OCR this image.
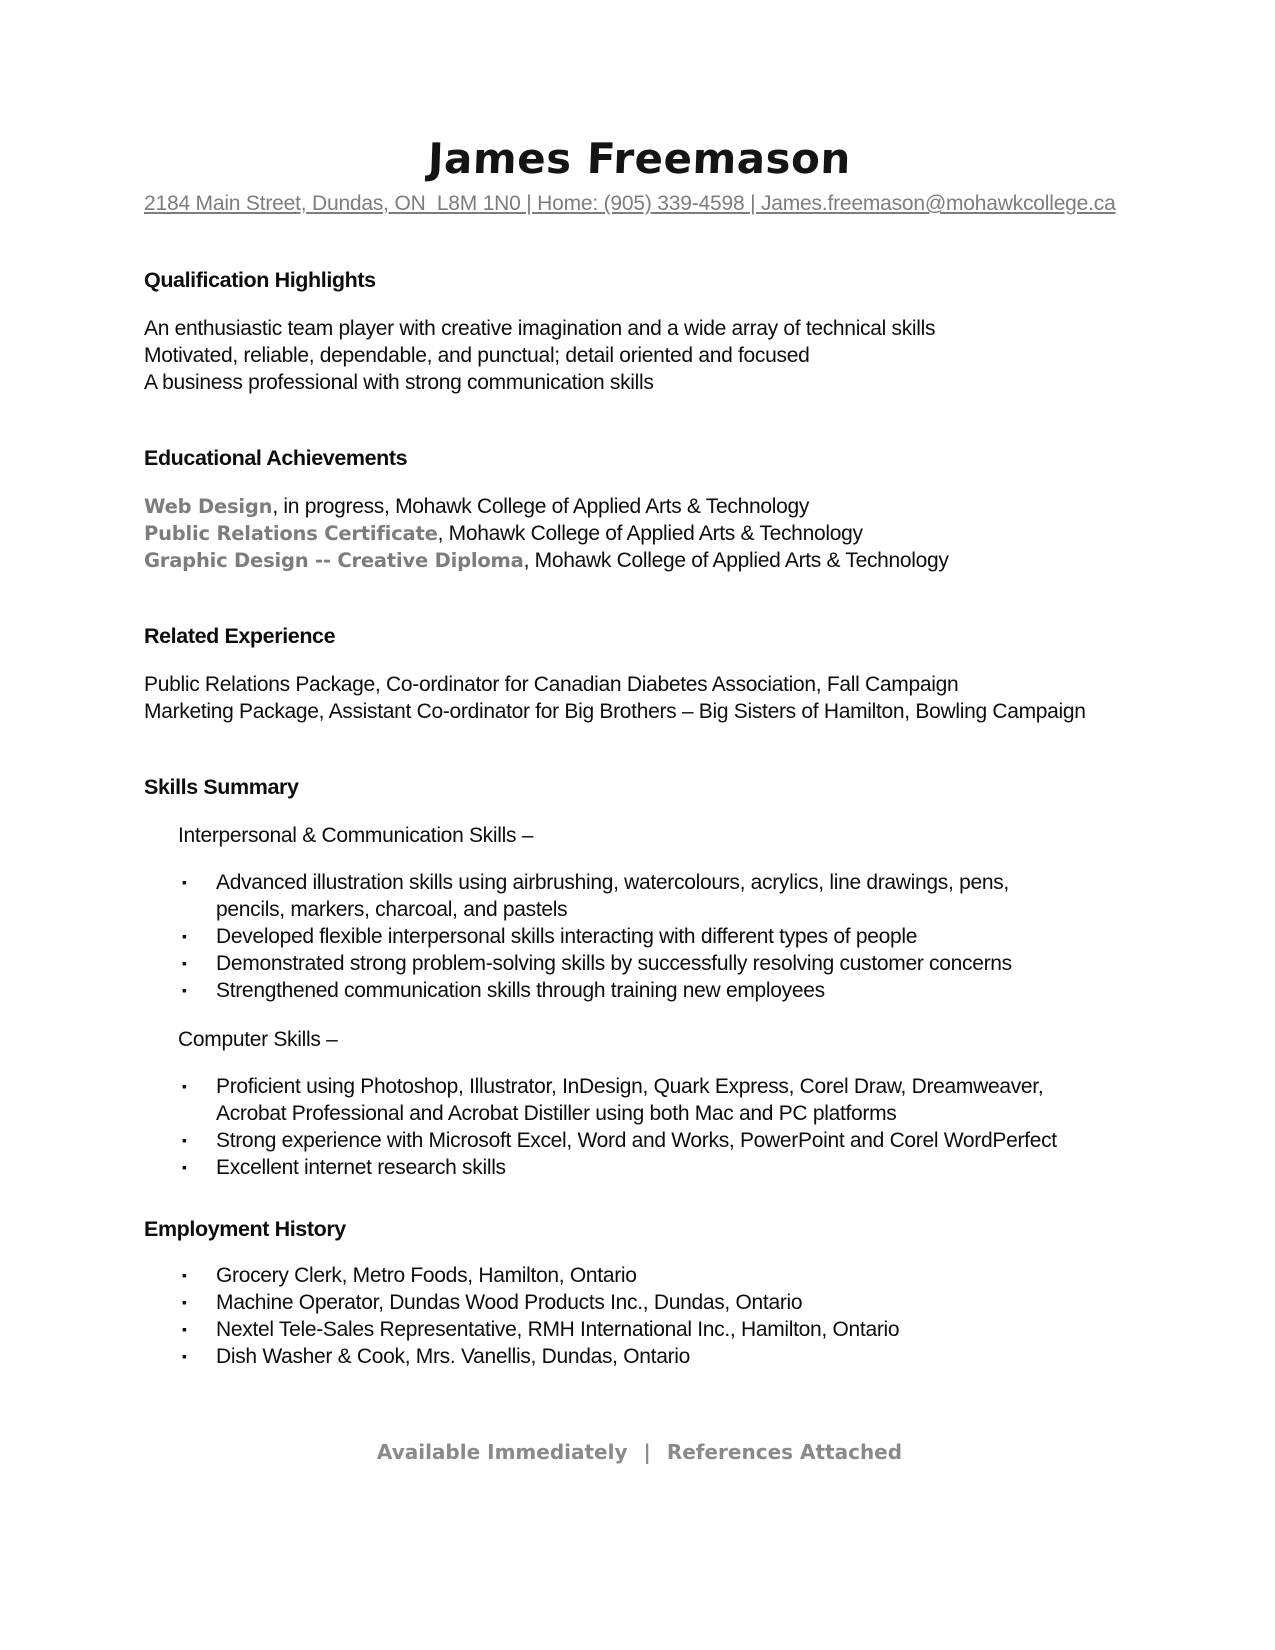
James Freemason
2184 Main Street, Dundas, ON  L8M 1N0 | Home: (905) 339-4598 | James.freemason@mohawkcollege.ca
Qualification Highlights
An enthusiastic team player with creative imagination and a wide array of technical skills
Motivated, reliable, dependable, and punctual; detail oriented and focused
A business professional with strong communication skills
Educational Achievements
Web Design, in progress, Mohawk College of Applied Arts & Technology
Public Relations Certificate, Mohawk College of Applied Arts & Technology
Graphic Design -- Creative Diploma, Mohawk College of Applied Arts & Technology
Related Experience
Public Relations Package, Co-ordinator for Canadian Diabetes Association, Fall Campaign
Marketing Package, Assistant Co-ordinator for Big Brothers – Big Sisters of Hamilton, Bowling Campaign
Skills Summary
Interpersonal & Communication Skills –
▪ Advanced illustration skills using airbrushing, watercolours, acrylics, line drawings, pens, pencils, markers, charcoal, and pastels
▪ Developed flexible interpersonal skills interacting with different types of people
▪ Demonstrated strong problem-solving skills by successfully resolving customer concerns
▪ Strengthened communication skills through training new employees
Computer Skills –
▪ Proficient using Photoshop, Illustrator, InDesign, Quark Express, Corel Draw, Dreamweaver, Acrobat Professional and Acrobat Distiller using both Mac and PC platforms
▪ Strong experience with Microsoft Excel, Word and Works, PowerPoint and Corel WordPerfect
▪ Excellent internet research skills
Employment History
▪ Grocery Clerk, Metro Foods, Hamilton, Ontario
▪ Machine Operator, Dundas Wood Products Inc., Dundas, Ontario
▪ Nextel Tele-Sales Representative, RMH International Inc., Hamilton, Ontario
▪ Dish Washer & Cook, Mrs. Vanellis, Dundas, Ontario
Available Immediately | References Attached
